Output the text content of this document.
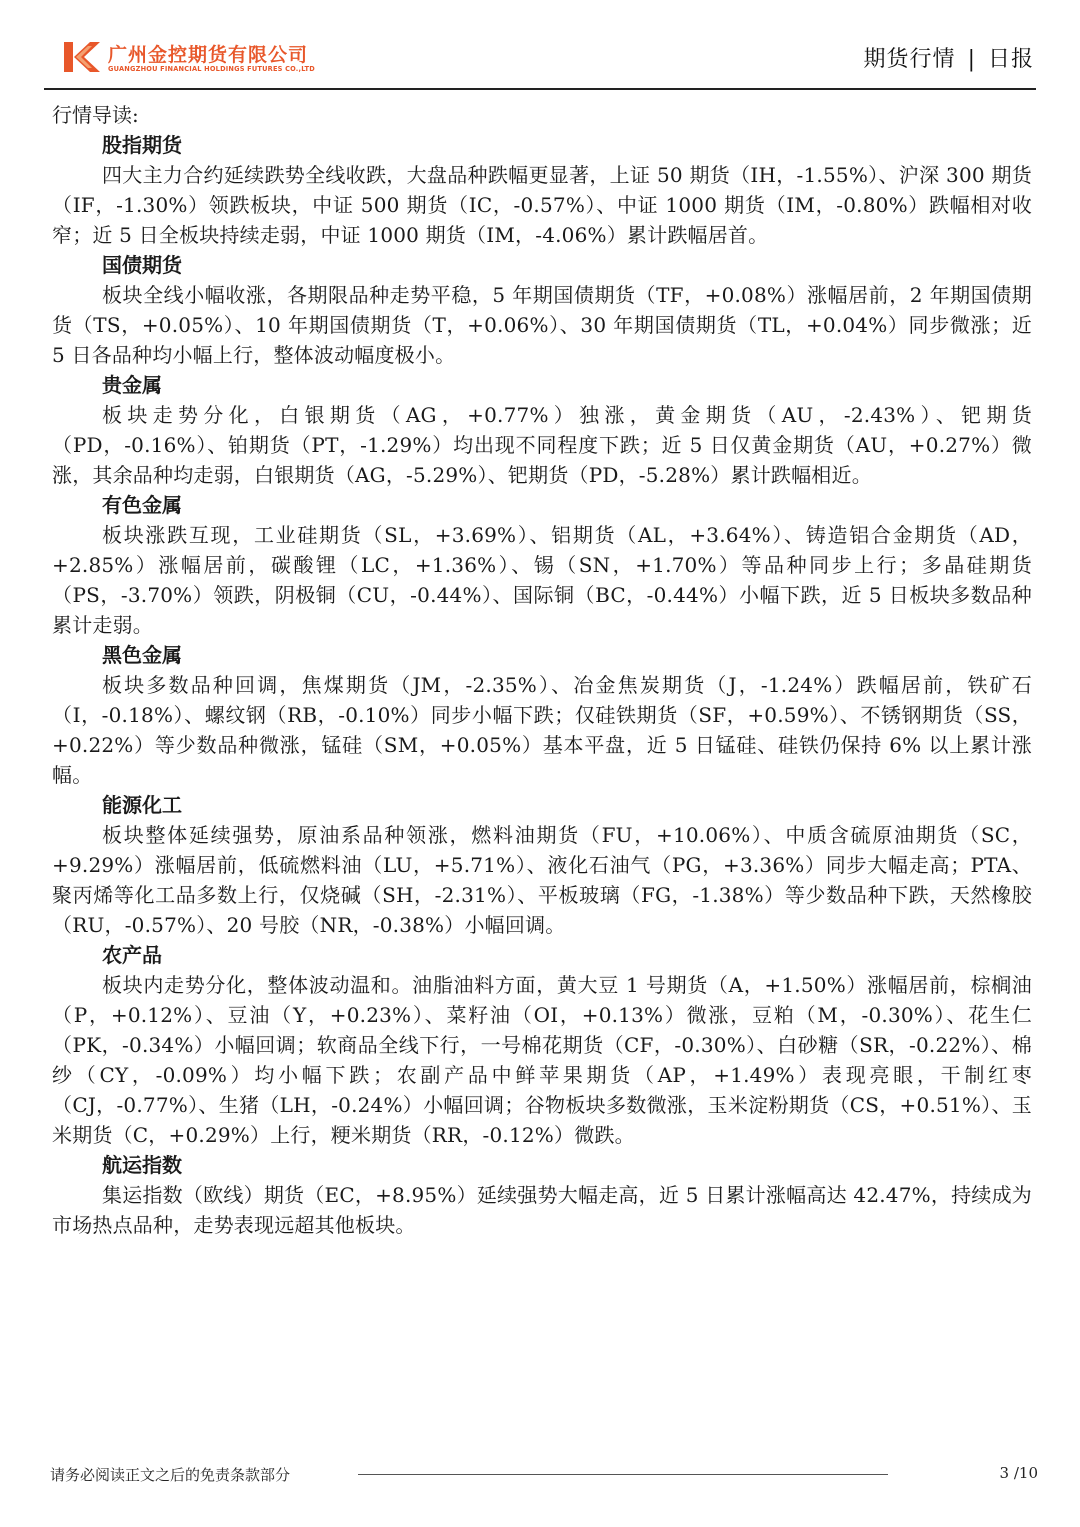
广州金控期货有限公司
GUANGZHOU FINANCIAL HOLDINGS FUTURES CO.,LTD	期货行情 | 日报

行情导读:

股指期货

四大主力合约延续跌势全线收跌，大盘品种跌幅更显著，上证 50 期货（IH，-1.55%）、沪深 300 期货（IF，-1.30%）领跌板块，中证 500 期货（IC，-0.57%）、中证 1000 期货（IM，-0.80%）跌幅相对收窄；近 5 日全板块持续走弱，中证 1000 期货（IM，-4.06%）累计跌幅居首。

国债期货

板块全线小幅收涨，各期限品种走势平稳，5 年期国债期货（TF，+0.08%）涨幅居前，2 年期国债期货（TS，+0.05%）、10 年期国债期货（T，+0.06%）、30 年期国债期货（TL，+0.04%）同步微涨；近 5 日各品种均小幅上行，整体波动幅度极小。

贵金属

板块走势分化，白银期货（AG，+0.77%）独涨，黄金期货（AU，-2.43%）、钯期货（PD，-0.16%）、铂期货（PT，-1.29%）均出现不同程度下跌；近 5 日仅黄金期货（AU，+0.27%）微涨，其余品种均走弱，白银期货（AG，-5.29%）、钯期货（PD，-5.28%）累计跌幅相近。

有色金属

板块涨跌互现，工业硅期货（SL，+3.69%）、铝期货（AL，+3.64%）、铸造铝合金期货（AD，+2.85%）涨幅居前，碳酸锂（LC，+1.36%）、锡（SN，+1.70%）等品种同步上行；多晶硅期货（PS，-3.70%）领跌，阴极铜（CU，-0.44%）、国际铜（BC，-0.44%）小幅下跌，近 5 日板块多数品种累计走弱。

黑色金属

板块多数品种回调，焦煤期货（JM，-2.35%）、冶金焦炭期货（J，-1.24%）跌幅居前，铁矿石（I，-0.18%）、螺纹钢（RB，-0.10%）同步小幅下跌；仅硅铁期货（SF，+0.59%）、不锈钢期货（SS，+0.22%）等少数品种微涨，锰硅（SM，+0.05%）基本平盘，近 5 日锰硅、硅铁仍保持 6% 以上累计涨幅。

能源化工

板块整体延续强势，原油系品种领涨，燃料油期货（FU，+10.06%）、中质含硫原油期货（SC，+9.29%）涨幅居前，低硫燃料油（LU，+5.71%）、液化石油气（PG，+3.36%）同步大幅走高；PTA、聚丙烯等化工品多数上行，仅烧碱（SH，-2.31%）、平板玻璃（FG，-1.38%）等少数品种下跌，天然橡胶（RU，-0.57%）、20 号胶（NR，-0.38%）小幅回调。

农产品

板块内走势分化，整体波动温和。油脂油料方面，黄大豆 1 号期货（A，+1.50%）涨幅居前，棕榈油（P，+0.12%）、豆油（Y，+0.23%）、菜籽油（OI，+0.13%）微涨，豆粕（M，-0.30%）、花生仁（PK，-0.34%）小幅回调；软商品全线下行，一号棉花期货（CF，-0.30%）、白砂糖（SR，-0.22%）、棉纱（CY，-0.09%）均小幅下跌；农副产品中鲜苹果期货（AP，+1.49%）表现亮眼，干制红枣（CJ，-0.77%）、生猪（LH，-0.24%）小幅回调；谷物板块多数微涨，玉米淀粉期货（CS，+0.51%）、玉米期货（C，+0.29%）上行，粳米期货（RR，-0.12%）微跌。

航运指数

集运指数（欧线）期货（EC，+8.95%）延续强势大幅走高，近 5 日累计涨幅高达 42.47%，持续成为市场热点品种，走势表现远超其他板块。

请务必阅读正文之后的免责条款部分	3 /10
